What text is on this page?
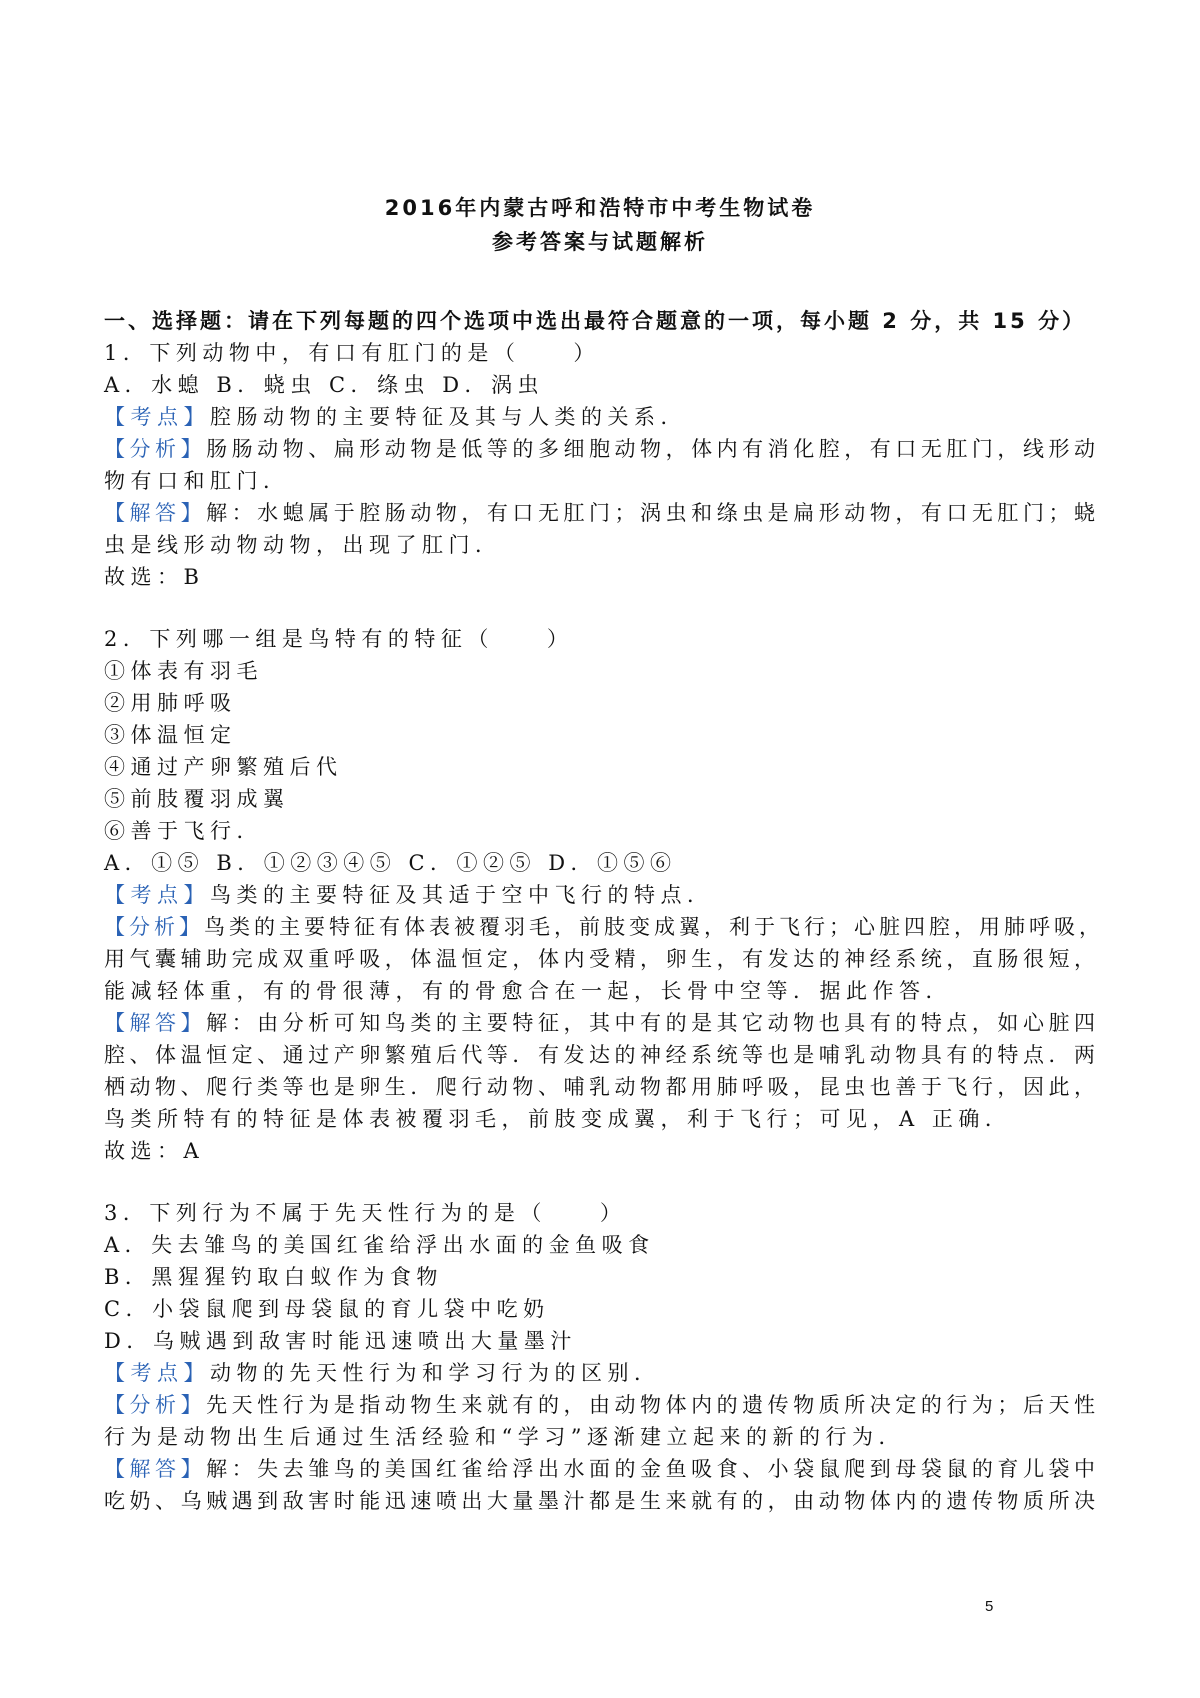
2016年内蒙古呼和浩特市中考生物试卷
参考答案与试题解析
一、选择题：请在下列每题的四个选项中选出最符合题意的一项，每小题 2 分，共 15 分）
1．下列动物中，有口有肛门的是（　　）
A．水螅 B．蛲虫 C．绦虫 D．涡虫
【考点】腔肠动物的主要特征及其与人类的关系．
【分析】肠肠动物、扁形动物是低等的多细胞动物，体内有消化腔，有口无肛门，线形动
物有口和肛门．
【解答】解：水螅属于腔肠动物，有口无肛门；涡虫和绦虫是扁形动物，有口无肛门；蛲
虫是线形动物动物，出现了肛门．
故选：B
2．下列哪一组是鸟特有的特征（　　）
①体表有羽毛
②用肺呼吸
③体温恒定
④通过产卵繁殖后代
⑤前肢覆羽成翼
⑥善于飞行．
A．①⑤ B．①②③④⑤ C．①②⑤ D．①⑤⑥
【考点】鸟类的主要特征及其适于空中飞行的特点．
【分析】鸟类的主要特征有体表被覆羽毛，前肢变成翼，利于飞行；心脏四腔，用肺呼吸，
用气囊辅助完成双重呼吸，体温恒定，体内受精，卵生，有发达的神经系统，直肠很短，
能减轻体重，有的骨很薄，有的骨愈合在一起，长骨中空等．据此作答．
【解答】解：由分析可知鸟类的主要特征，其中有的是其它动物也具有的特点，如心脏四
腔、体温恒定、通过产卵繁殖后代等．有发达的神经系统等也是哺乳动物具有的特点．两
栖动物、爬行类等也是卵生．爬行动物、哺乳动物都用肺呼吸，昆虫也善于飞行，因此，
鸟类所特有的特征是体表被覆羽毛，前肢变成翼，利于飞行；可见，A 正确．
故选：A
3．下列行为不属于先天性行为的是（　　）
A．失去雏鸟的美国红雀给浮出水面的金鱼吸食
B．黑猩猩钓取白蚁作为食物
C．小袋鼠爬到母袋鼠的育儿袋中吃奶
D．乌贼遇到敌害时能迅速喷出大量墨汁
【考点】动物的先天性行为和学习行为的区别．
【分析】先天性行为是指动物生来就有的，由动物体内的遗传物质所决定的行为；后天性
行为是动物出生后通过生活经验和“学习”逐渐建立起来的新的行为．
【解答】解：失去雏鸟的美国红雀给浮出水面的金鱼吸食、小袋鼠爬到母袋鼠的育儿袋中
吃奶、乌贼遇到敌害时能迅速喷出大量墨汁都是生来就有的，由动物体内的遗传物质所决
5
